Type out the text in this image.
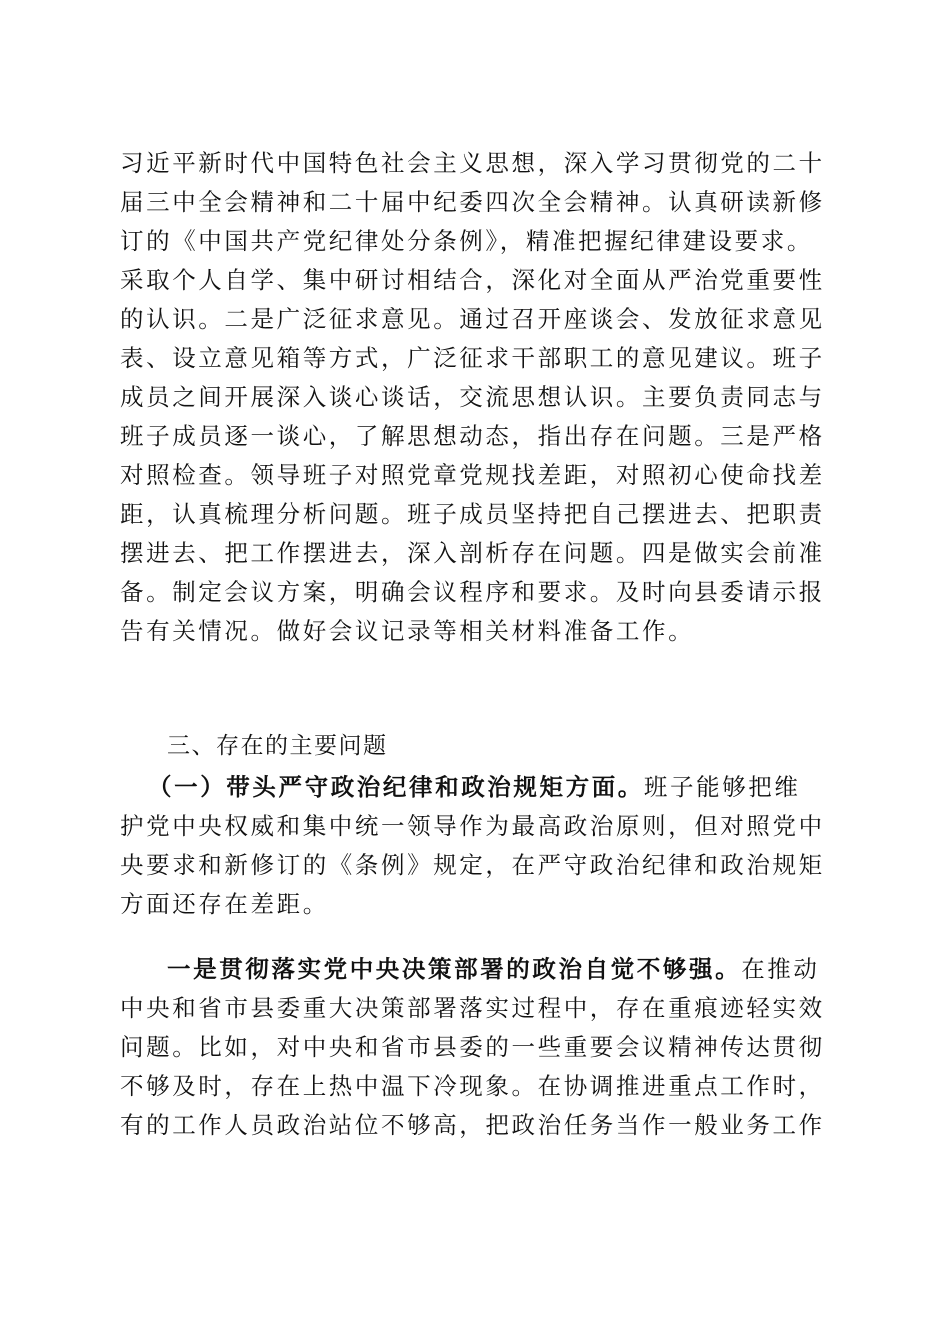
习近平新时代中国特色社会主义思想，深入学习贯彻党的二十
届三中全会精神和二十届中纪委四次全会精神。认真研读新修
订的《中国共产党纪律处分条例》，精准把握纪律建设要求。
采取个人自学、集中研讨相结合，深化对全面从严治党重要性
的认识。二是广泛征求意见。通过召开座谈会、发放征求意见
表、设立意见箱等方式，广泛征求干部职工的意见建议。班子
成员之间开展深入谈心谈话，交流思想认识。主要负责同志与
班子成员逐一谈心，了解思想动态，指出存在问题。三是严格
对照检查。领导班子对照党章党规找差距，对照初心使命找差
距，认真梳理分析问题。班子成员坚持把自己摆进去、把职责
摆进去、把工作摆进去，深入剖析存在问题。四是做实会前准
备。制定会议方案，明确会议程序和要求。及时向县委请示报
告有关情况。做好会议记录等相关材料准备工作。
三、存在的主要问题
（一）带头严守政治纪律和政治规矩方面。班子能够把维
护党中央权威和集中统一领导作为最高政治原则，但对照党中
央要求和新修订的《条例》规定，在严守政治纪律和政治规矩
方面还存在差距。
一是贯彻落实党中央决策部署的政治自觉不够强。在推动
中央和省市县委重大决策部署落实过程中，存在重痕迹轻实效
问题。比如，对中央和省市县委的一些重要会议精神传达贯彻
不够及时，存在上热中温下冷现象。在协调推进重点工作时，
有的工作人员政治站位不够高，把政治任务当作一般业务工作
